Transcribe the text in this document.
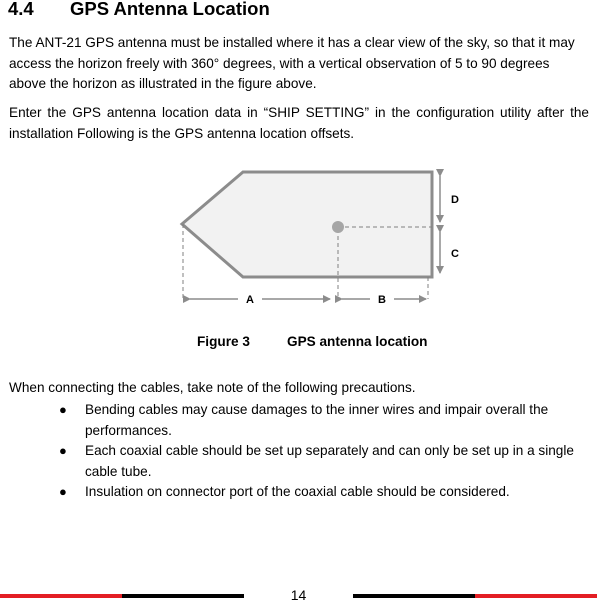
4.4 GPS Antenna Location

The ANT-21 GPS antenna must be installed where it has a clear view of the sky, so that it may access the horizon freely with 360° degrees, with a vertical observation of 5 to 90 degrees above the horizon as illustrated in the figure above.

Enter the GPS antenna location data in “SHIP SETTING” in the configuration utility after the installation Following is the GPS antenna location offsets.

A	B
D
C
Figure 3	GPS antenna location

When connecting the cables, take note of the following precautions.

● Bending cables may cause damages to the inner wires and impair overall the performances.
● Each coaxial cable should be set up separately and can only be set up in a single cable tube.
● Insulation on connector port of the coaxial cable should be considered.
14
